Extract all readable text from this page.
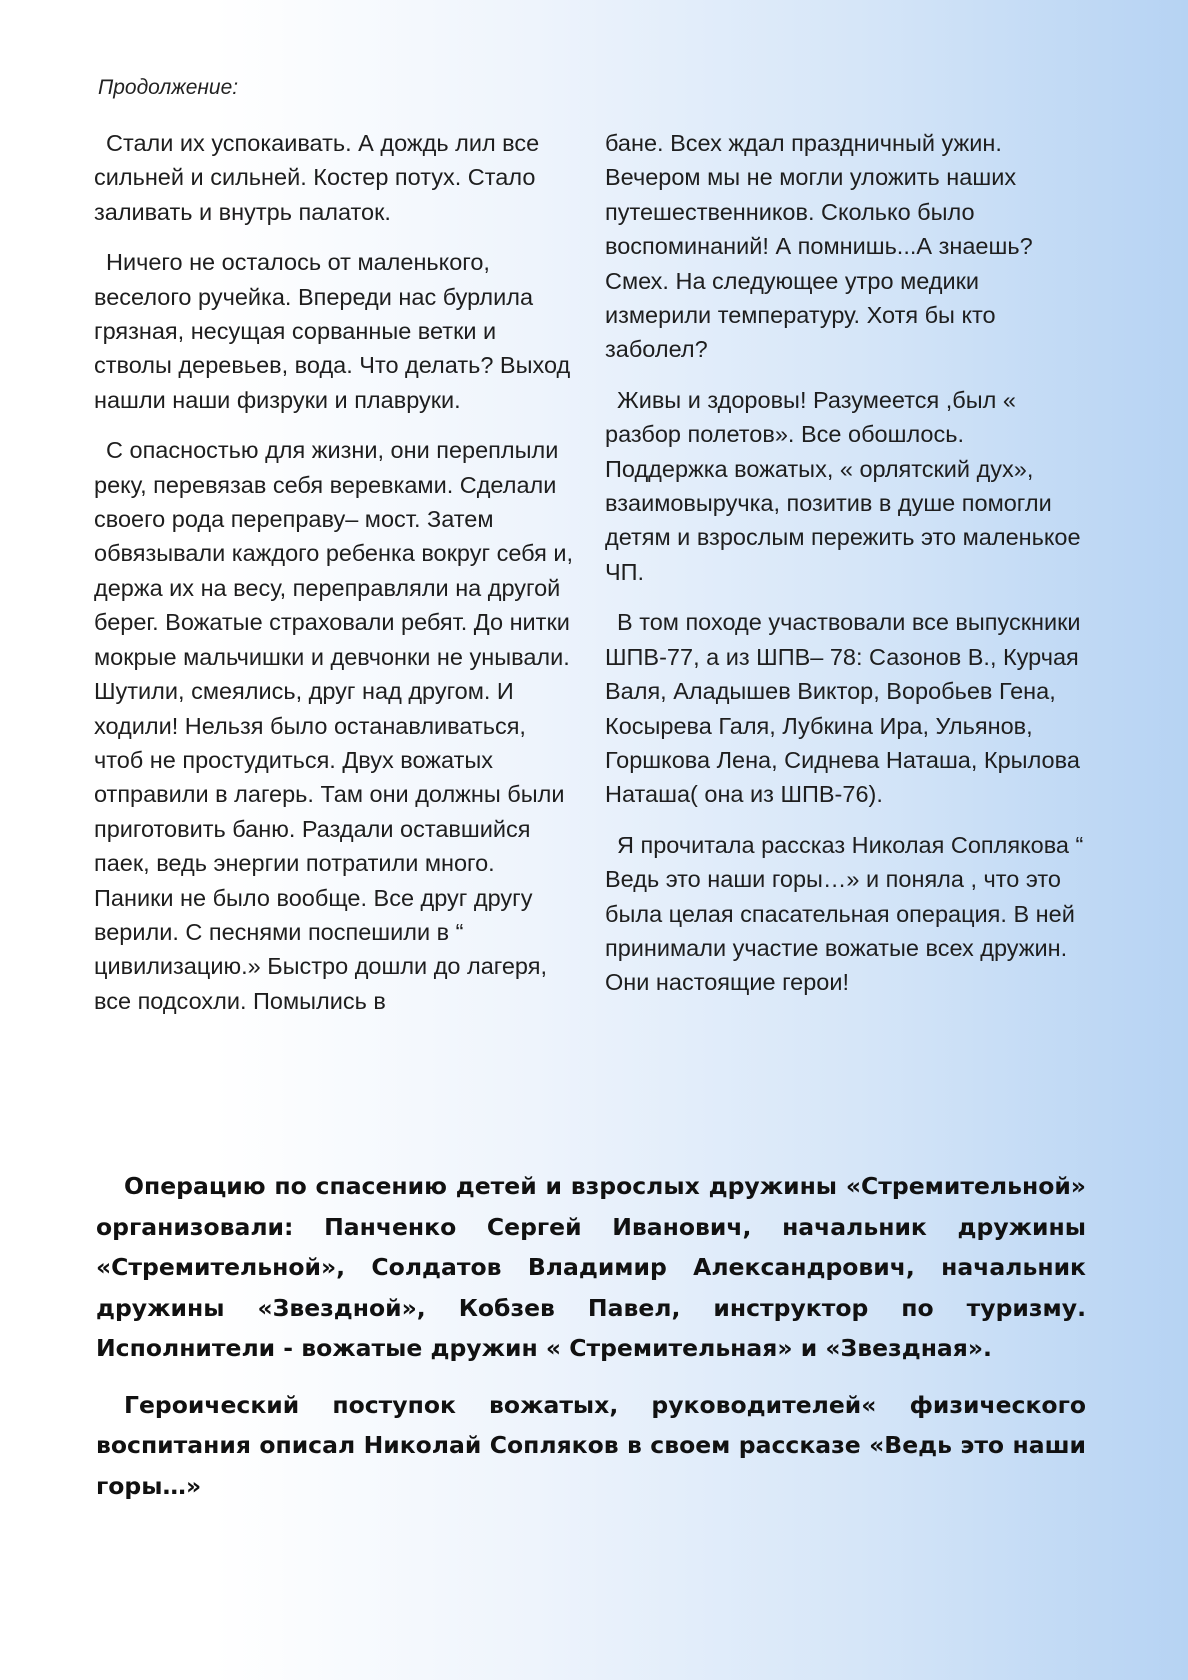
Продолжение:

Стали их успокаивать. А дождь лил все сильней и сильней. Костер потух. Стало заливать и внутрь палаток.

Ничего не осталось от маленького, веселого ручейка. Впереди нас бурлила грязная, несущая сорванные ветки и стволы деревьев, вода. Что делать? Выход нашли наши физруки и плавруки.

С опасностью для жизни, они переплыли реку, перевязав себя веревками. Сделали своего рода переправу– мост. Затем обвязывали каждого ребенка вокруг себя и, держа их на весу, переправляли на другой берег. Вожатые страховали ребят. До нитки мокрые мальчишки и девчонки не унывали. Шутили, смеялись, друг над другом. И ходили! Нельзя было останавливаться, чтоб не простудиться. Двух вожатых отправили в лагерь. Там они должны были приготовить баню. Раздали оставшийся паек, ведь энергии потратили много. Паники не было вообще. Все друг другу верили. С песнями поспешили в “ цивилизацию.» Быстро дошли до лагеря, все подсохли. Помылись в

бане. Всех ждал праздничный ужин. Вечером мы не могли уложить наших путешественников. Сколько было воспоминаний! А помнишь...А знаешь? Смех. На следующее утро медики измерили температуру. Хотя бы кто заболел?

Живы и здоровы! Разумеется ,был « разбор полетов». Все обошлось. Поддержка вожатых, « орлятский дух», взаимовыручка, позитив в душе помогли детям и взрослым пережить это маленькое ЧП.

В том походе участвовали все выпускники ШПВ-77, а из ШПВ– 78: Сазонов В., Курчая Валя, Аладышев Виктор, Воробьев Гена, Косырева Галя, Лубкина Ира, Ульянов, Горшкова Лена, Сиднева Наташа, Крылова Наташа( она из ШПВ-76).

Я прочитала рассказ Николая Соплякова “ Ведь это наши горы…» и поняла , что это была целая спасательная операция. В ней принимали участие вожатые всех дружин. Они настоящие герои!

Операцию по спасению детей и взрослых дружины «Стремительной» организовали: Панченко Сергей Иванович, начальник дружины «Стремительной», Солдатов Владимир Александрович, начальник дружины «Звездной», Кобзев Павел, инструктор по туризму. Исполнители - вожатые дружин « Стремительная» и «Звездная».

Героический поступок вожатых, руководителей« физического воспитания описал Николай Сопляков в своем рассказе «Ведь это наши горы…»
